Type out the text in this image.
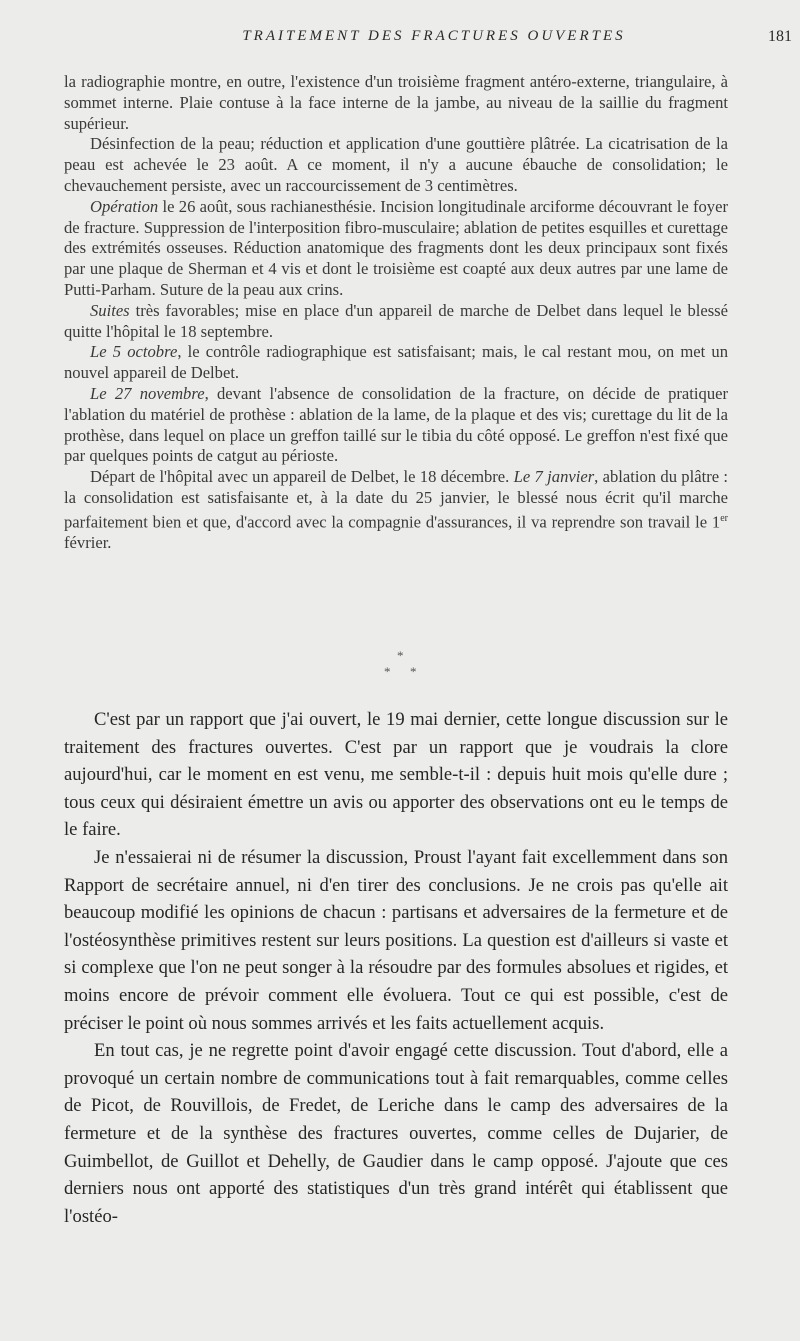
TRAITEMENT DES FRACTURES OUVERTES	181

la radiographie montre, en outre, l'existence d'un troisième fragment antéro-externe, triangulaire, à sommet interne. Plaie contuse à la face interne de la jambe, au niveau de la saillie du fragment supérieur.

Désinfection de la peau; réduction et application d'une gouttière plâtrée. La cicatrisation de la peau est achevée le 23 août. A ce moment, il n'y a aucune ébauche de consolidation; le chevauchement persiste, avec un raccourcissement de 3 centimètres.

Opération le 26 août, sous rachianesthésie. Incision longitudinale arciforme découvrant le foyer de fracture. Suppression de l'interposition fibro-musculaire; ablation de petites esquilles et curettage des extrémités osseuses. Réduction anatomique des fragments dont les deux principaux sont fixés par une plaque de Sherman et 4 vis et dont le troisième est coapté aux deux autres par une lame de Putti-Parham. Suture de la peau aux crins.

Suites très favorables; mise en place d'un appareil de marche de Delbet dans lequel le blessé quitte l'hôpital le 18 septembre.

Le 5 octobre, le contrôle radiographique est satisfaisant; mais, le cal restant mou, on met un nouvel appareil de Delbet.

Le 27 novembre, devant l'absence de consolidation de la fracture, on décide de pratiquer l'ablation du matériel de prothèse : ablation de la lame, de la plaque et des vis; curettage du lit de la prothèse, dans lequel on place un greffon taillé sur le tibia du côté opposé. Le greffon n'est fixé que par quelques points de catgut au périoste.

Départ de l'hôpital avec un appareil de Delbet, le 18 décembre. Le 7 janvier, ablation du plâtre : la consolidation est satisfaisante et, à la date du 25 janvier, le blessé nous écrit qu'il marche parfaitement bien et que, d'accord avec la compagnie d'assurances, il va reprendre son travail le 1er février.

*
* *

C'est par un rapport que j'ai ouvert, le 19 mai dernier, cette longue discussion sur le traitement des fractures ouvertes. C'est par un rapport que je voudrais la clore aujourd'hui, car le moment en est venu, me semble-t-il : depuis huit mois qu'elle dure ; tous ceux qui désiraient émettre un avis ou apporter des observations ont eu le temps de le faire.

Je n'essaierai ni de résumer la discussion, Proust l'ayant fait excellemment dans son Rapport de secrétaire annuel, ni d'en tirer des conclusions. Je ne crois pas qu'elle ait beaucoup modifié les opinions de chacun : partisans et adversaires de la fermeture et de l'ostéosynthèse primitives restent sur leurs positions. La question est d'ailleurs si vaste et si complexe que l'on ne peut songer à la résoudre par des formules absolues et rigides, et moins encore de prévoir comment elle évoluera. Tout ce qui est possible, c'est de préciser le point où nous sommes arrivés et les faits actuellement acquis.

En tout cas, je ne regrette point d'avoir engagé cette discussion. Tout d'abord, elle a provoqué un certain nombre de communications tout à fait remarquables, comme celles de Picot, de Rouvillois, de Fredet, de Leriche dans le camp des adversaires de la fermeture et de la synthèse des fractures ouvertes, comme celles de Dujarier, de Guimbellot, de Guillot et Dehelly, de Gaudier dans le camp opposé. J'ajoute que ces derniers nous ont apporté des statistiques d'un très grand intérêt qui établissent que l'ostéo-
